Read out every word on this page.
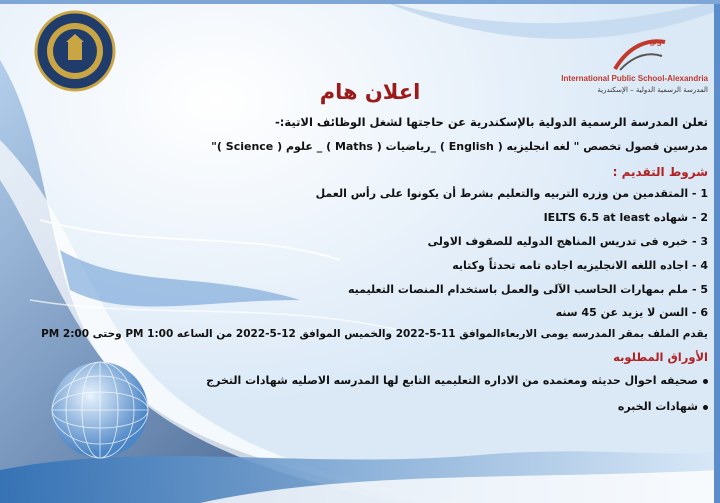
IPS
International Public School-Alexandria
المدرسة الرسمية الدولية – الإسكندرية
اعلان هام
تعلن المدرسة الرسمية الدولية بالإسكندرية عن حاجتها لشغل الوظائف الاتية:-
مدرسين فصول تخصص " لغه انجليزيه ( English ) _رياضيات ( Maths ) _ علوم ( Science )"
شروط التقديم :
1 - المتقدمين من وزره التربيه والتعليم بشرط أن يكونوا على رأس العمل
2 - شهاده IELTS 6.5 at least
3 - خبره فى تدريس المناهج الدوليه للصفوف الاولى
4 - اجاده اللغه الانجليزيه اجاده تامه تحدثاً وكتابه
5 - ملم بمهارات الحاسب الآلى والعمل باستخدام المنصات التعليميه
6 - السن لا يزيد عن 45 سنه
يقدم الملف بمقر المدرسه يومى الاربعاءالموافق 11-5-2022 والخميس الموافق 12-5-2022 من الساعه 1:00 PM وحتى 2:00 PM
الأوراق المطلوبه
صحيفه احوال حديثه ومعتمده من الاداره التعليميه التابع لها المدرسه الاصليه شهادات التخرج
شهادات الخبره
